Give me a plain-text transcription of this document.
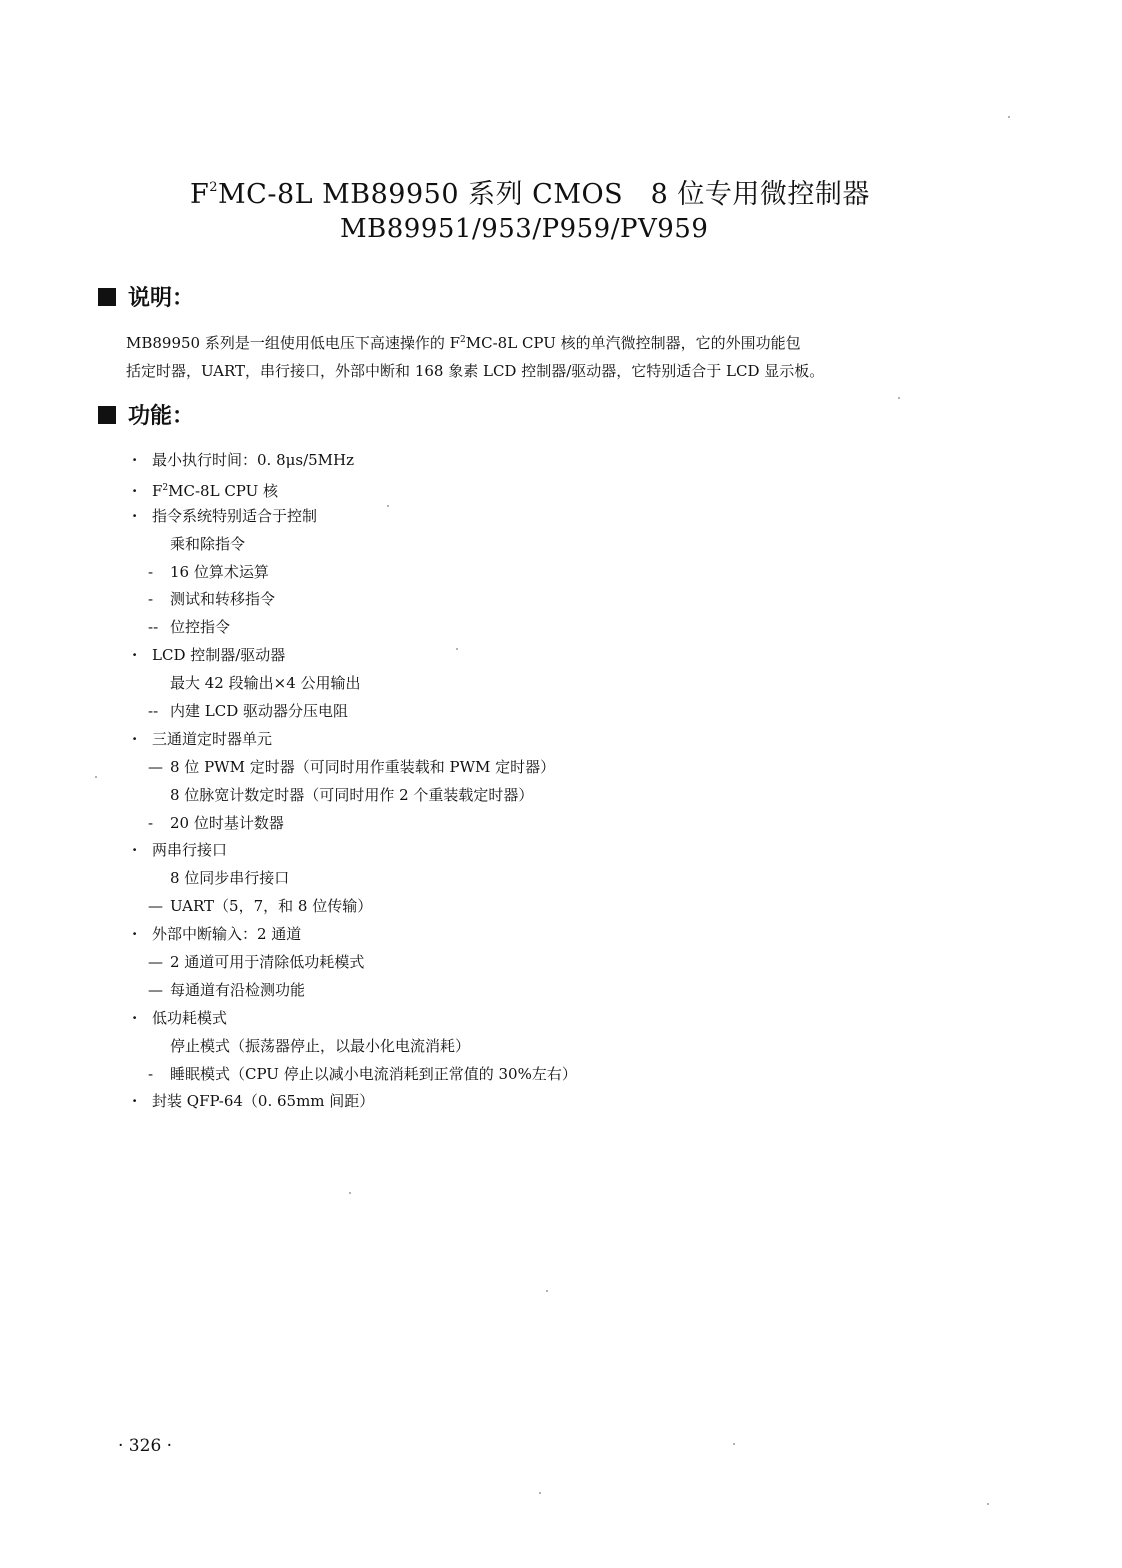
$F^2MC-8L$ MB89950 系列 CMOS　8 位专用微控制器
MB89951/953/P959/PV959
说明：

MB89950 系列是一组使用低电压下高速操作的 $F^2MC-8L$ CPU 核的单汽微控制器，它的外围功能包

括定时器，UART，串行接口，外部中断和 168 象素 LCD 控制器/驱动器，它特别适合于 LCD 显示板。

功能：
· 最小执行时间：0. 8μs/5MHz
· $F^2MC-8L$ CPU 核
· 指令系统特别适合于控制
乘和除指令
- 16 位算术运算
- 测试和转移指令
-- 位控指令
· LCD 控制器/驱动器
最大 42 段输出×4 公用输出
-- 内建 LCD 驱动器分压电阻
· 三通道定时器单元
— 8 位 PWM 定时器（可同时用作重装载和 PWM 定时器）
8 位脉宽计数定时器（可同时用作 2 个重装载定时器）
- 20 位时基计数器
· 两串行接口
8 位同步串行接口
— UART（5，7，和 8 位传输）
· 外部中断输入：2 通道
— 2 通道可用于清除低功耗模式
— 每通道有沿检测功能
· 低功耗模式
停止模式（振荡器停止，以最小化电流消耗）
- 睡眠模式（CPU 停止以减小电流消耗到正常值的 30%左右）
· 封装 QFP-64（0. 65mm 间距）
· 326 ·
